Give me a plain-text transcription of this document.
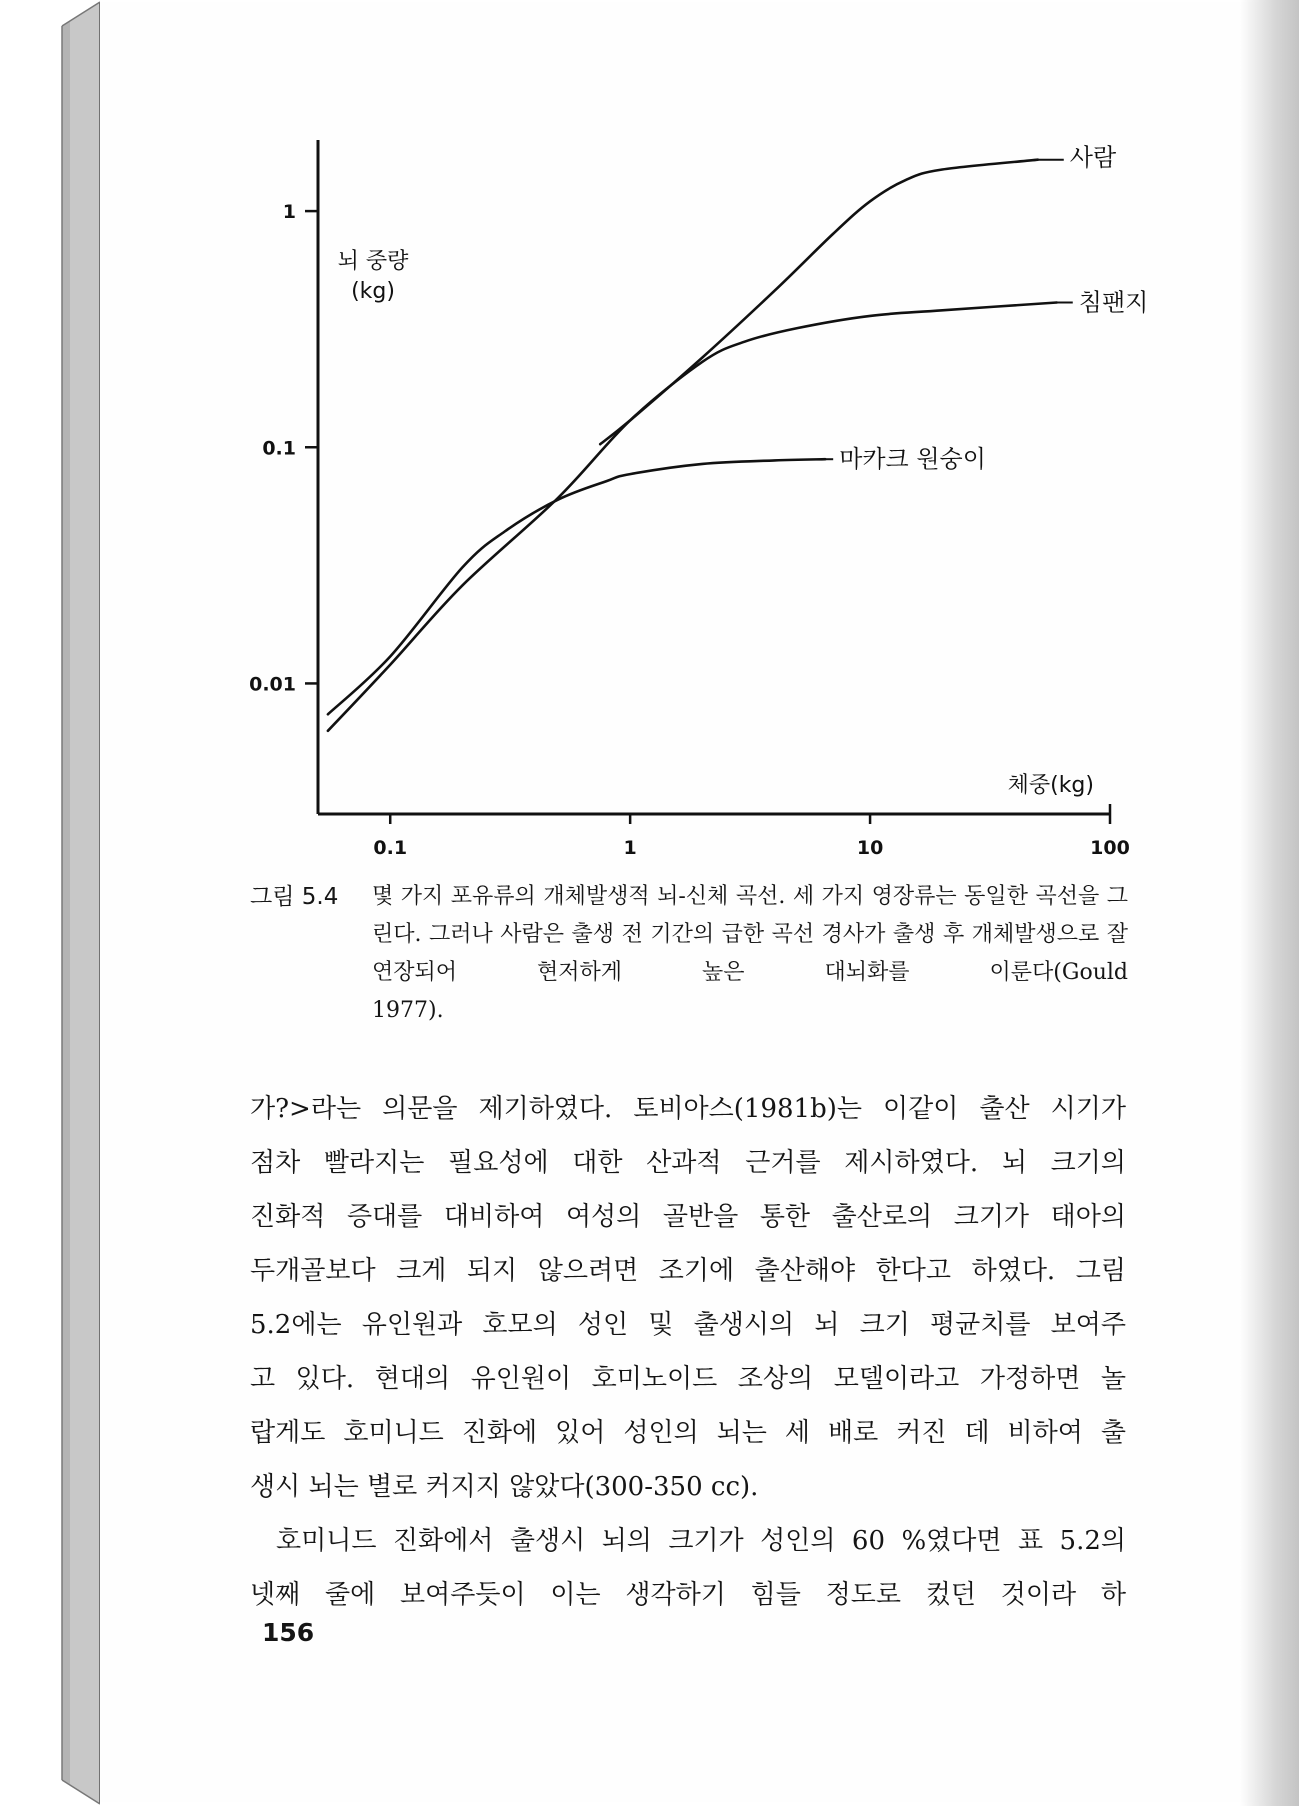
0.01
0.1
1
0.1	1	10	100
사람
침팬지
마카크 원숭이
뇌 중량 (kg)
체중(kg)
그림 5.4 몇 가지 포유류의 개체발생적 뇌-신체 곡선. 세 가지 영장류는 동일한 곡선을 그린다. 그러나 사람은 출생 전 기간의 급한 곡선 경사가 출생 후 개체발생으로 잘 연장되어 현저하게 높은 대뇌화를 이룬다(Gould
1977).
가?>라는 의문을 제기하였다. 토비아스(1981b)는 이같이 출산 시기가
점차 빨라지는 필요성에 대한 산과적 근거를 제시하였다. 뇌 크기의
진화적 증대를 대비하여 여성의 골반을 통한 출산로의 크기가 태아의
두개골보다 크게 되지 않으려면 조기에 출산해야 한다고 하였다. 그림
5.2에는 유인원과 호모의 성인 및 출생시의 뇌 크기 평균치를 보여주
고 있다. 현대의 유인원이 호미노이드 조상의 모델이라고 가정하면 놀
랍게도 호미니드 진화에 있어 성인의 뇌는 세 배로 커진 데 비하여 출
생시 뇌는 별로 커지지 않았다(300-350 cc).
호미니드 진화에서 출생시 뇌의 크기가 성인의 60 %였다면 표 5.2의
넷째 줄에 보여주듯이 이는 생각하기 힘들 정도로 컸던 것이라 하
156
